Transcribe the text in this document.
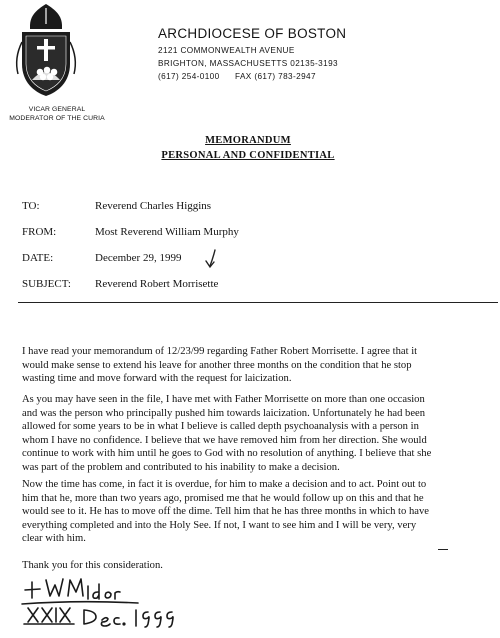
VICAR GENERAL
MODERATOR OF THE CURIA
ARCHDIOCESE OF BOSTON
2121 COMMONWEALTH AVENUE
BRIGHTON, MASSACHUSETTS 02135-3193
(617) 254-0100 FAX (617) 783-2947
MEMORANDUM
PERSONAL AND CONFIDENTIAL
TO:	Reverend Charles Higgins
FROM:	Most Reverend William Murphy
DATE:	December 29, 1999
SUBJECT: Reverend Robert Morrisette
I have read your memorandum of 12/23/99 regarding Father Robert Morrisette. I agree that it
would make sense to extend his leave for another three months on the condition that he stop
wasting time and move forward with the request for laicization.
As you may have seen in the file, I have met with Father Morrisette on more than one occasion
and was the person who principally pushed him towards laicization. Unfortunately he had been
allowed for some years to be in what I believe is called depth psychoanalysis with a person in
whom I have no confidence. I believe that we have removed him from her direction. She would
continue to work with him until he goes to God with no resolution of anything. I believe that she
was part of the problem and contributed to his inability to make a decision.
Now the time has come, in fact it is overdue, for him to make a decision and to act. Point out to
him that he, more than two years ago, promised me that he would follow up on this and that he
would see to it. He has to move off the dime. Tell him that he has three months in which to have
everything completed and into the Holy See. If not, I want to see him and I will be very, very
clear with him.
Thank you for this consideration.
